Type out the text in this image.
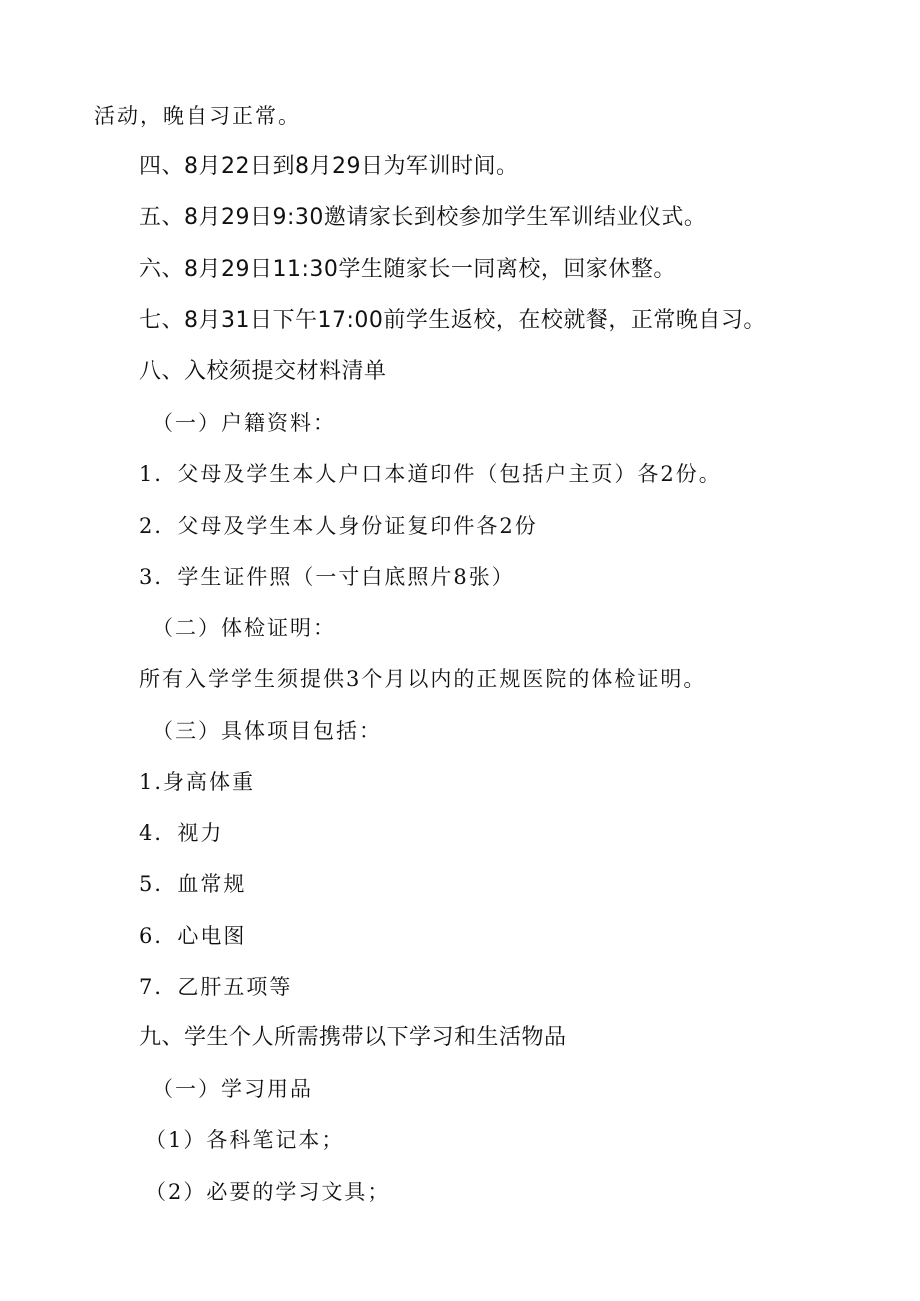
活动，晚自习正常。
四、8月22日到8月29日为军训时间。
五、8月29日9:30邀请家长到校参加学生军训结业仪式。
六、8月29日11:30学生随家长一同离校，回家休整。
七、8月31日下午17:00前学生返校，在校就餐，正常晚自习。
八、入校须提交材料清单
（一）户籍资料：
1．父母及学生本人户口本道印件（包括户主页）各2份。
2．父母及学生本人身份证复印件各2份
3．学生证件照（一寸白底照片8张）
（二）体检证明：
所有入学学生须提供3个月以内的正规医院的体检证明。
（三）具体项目包括：
1.身高体重
4．视力
5．血常规
6．心电图
7．乙肝五项等
九、学生个人所需携带以下学习和生活物品
（一）学习用品
（1）各科笔记本；
（2）必要的学习文具；
